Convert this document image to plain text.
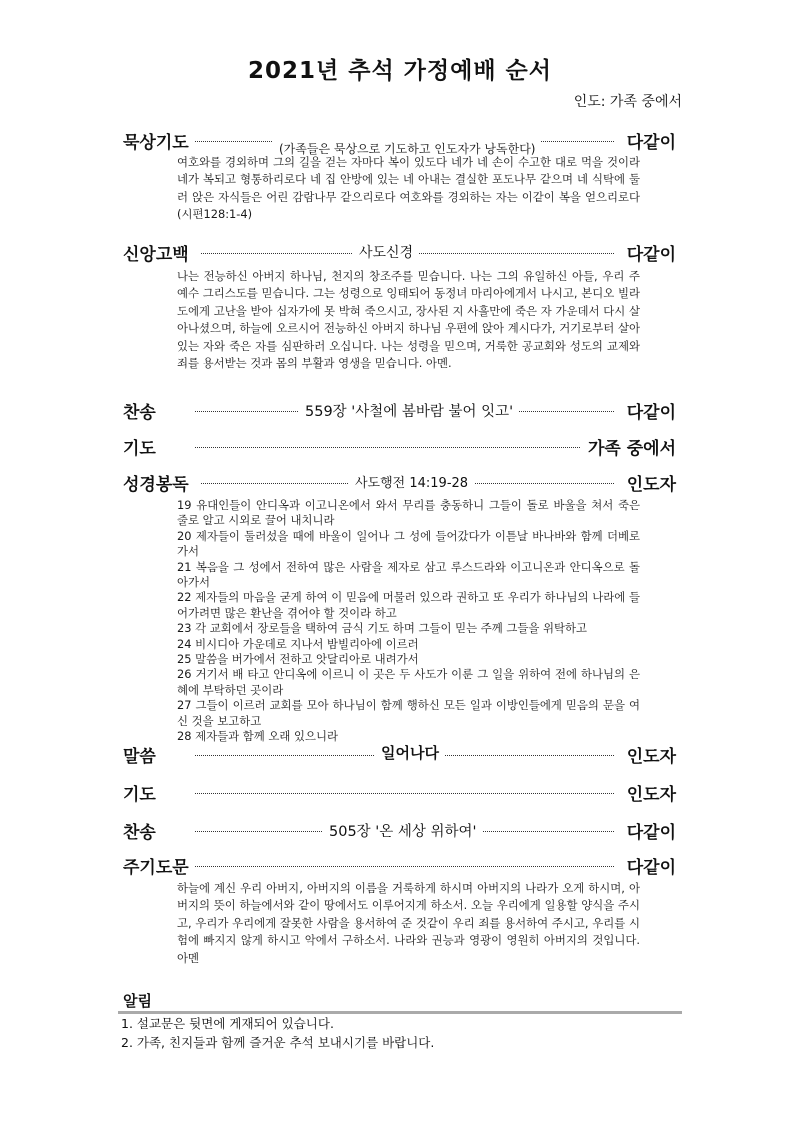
2021년 추석 가정예배 순서
인도: 가족 중에서
묵상기도	(가족들은 묵상으로 기도하고 인도자가 낭독한다)	다같이

여호와를 경외하며 그의 길을 걷는 자마다 복이 있도다 네가 네 손이 수고한 대로 먹을 것이라 네가 복되고 형통하리로다 네 집 안방에 있는 네 아내는 결실한 포도나무 같으며 네 식탁에 둘러 앉은 자식들은 어린 감람나무 같으리로다 여호와를 경외하는 자는 이같이 복을 얻으리로다 (시편128:1-4)

신앙고백	사도신경	다같이

나는 전능하신 아버지 하나님, 천지의 창조주를 믿습니다. 나는 그의 유일하신 아들, 우리 주 예수 그리스도를 믿습니다. 그는 성령으로 잉태되어 동정녀 마리아에게서 나시고, 본디오 빌라도에게 고난을 받아 십자가에 못 박혀 죽으시고, 장사된 지 사흘만에 죽은 자 가운데서 다시 살아나셨으며, 하늘에 오르시어 전능하신 아버지 하나님 우편에 앉아 계시다가, 거기로부터 살아 있는 자와 죽은 자를 심판하러 오십니다. 나는 성령을 믿으며, 거룩한 공교회와 성도의 교제와 죄를 용서받는 것과 몸의 부활과 영생을 믿습니다. 아멘.

찬송	559장 '사철에 봄바람 불어 잇고'	다같이
기도	가족 중에서
성경봉독	사도행전 14:19-28	인도자

19 유대인들이 안디옥과 이고니온에서 와서 무리를 충동하니 그들이 돌로 바울을 쳐서 죽은 줄로 알고 시외로 끌어 내치니라

20 제자들이 둘러섰을 때에 바울이 일어나 그 성에 들어갔다가 이튿날 바나바와 함께 더베로 가서

21 복음을 그 성에서 전하여 많은 사람을 제자로 삼고 루스드라와 이고니온과 안디옥으로 돌아가서

22 제자들의 마음을 굳게 하여 이 믿음에 머물러 있으라 권하고 또 우리가 하나님의 나라에 들어가려면 많은 환난을 겪어야 할 것이라 하고

23 각 교회에서 장로들을 택하여 금식 기도 하며 그들이 믿는 주께 그들을 위탁하고

24 비시디아 가운데로 지나서 밤빌리아에 이르러

25 말씀을 버가에서 전하고 앗달리아로 내려가서

26 거기서 배 타고 안디옥에 이르니 이 곳은 두 사도가 이룬 그 일을 위하여 전에 하나님의 은혜에 부탁하던 곳이라

27 그들이 이르러 교회를 모아 하나님이 함께 행하신 모든 일과 이방인들에게 믿음의 문을 여신 것을 보고하고

28 제자들과 함께 오래 있으니라

말씀	일어나다	인도자
기도	인도자
찬송	505장 '온 세상 위하여'	다같이
주기도문	다같이

하늘에 계신 우리 아버지, 아버지의 이름을 거룩하게 하시며 아버지의 나라가 오게 하시며, 아버지의 뜻이 하늘에서와 같이 땅에서도 이루어지게 하소서. 오늘 우리에게 일용할 양식을 주시고, 우리가 우리에게 잘못한 사람을 용서하여 준 것같이 우리 죄를 용서하여 주시고, 우리를 시험에 빠지지 않게 하시고 악에서 구하소서. 나라와 권능과 영광이 영원히 아버지의 것입니다. 아멘

알림
1. 설교문은 뒷면에 게재되어 있습니다.
2. 가족, 친지들과 함께 즐거운 추석 보내시기를 바랍니다.
